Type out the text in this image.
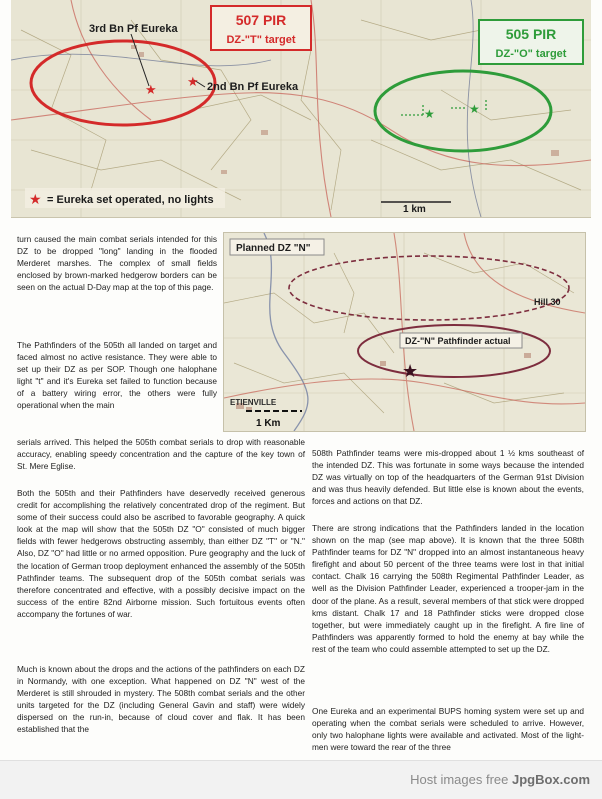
★
★
3rd Bn Pf Eureka
2nd Bn Pf Eureka
507 PIR
DZ-"T" target	505 PIR
DZ-"O" target
★	★
★ = Eureka set operated, no lights
1 km
Planned DZ "N"
DZ-"N" Pathfinder actual
★
Hill 30
ETIENVILLE
1 Km

turn caused the main combat serials intended for this DZ to be dropped "long" landing in the flooded Merderet marshes. The complex of small fields enclosed by brown-marked hedgerow borders can be seen on the actual D-Day map at the top of this page.

The Pathfinders of the 505th all landed on target and faced almost no active resistance. They were able to set up their DZ as per SOP. Though one halophane light "t" and it's Eureka set failed to function because of a battery wiring error, the others were fully operational when the main

serials arrived. This helped the 505th combat serials to drop with reasonable accuracy, enabling speedy concentration and the capture of the key town of St. Mere Eglise.

Both the 505th and their Pathfinders have deservedly received generous credit for accomplishing the relatively concentrated drop of the regiment. But some of their success could also be ascribed to favorable geography. A quick look at the map will show that the 505th DZ "O" consisted of much bigger fields with fewer hedgerows obstructing assembly, than either DZ "T" or "N." Also, DZ "O" had little or no armed opposition. Pure geography and the luck of the location of German troop deployment enhanced the assembly of the 505th Pathfinder teams. The subsequent drop of the 505th combat serials was therefore concentrated and effective, with a possibly decisive impact on the success of the entire 82nd Airborne mission. Such fortuitous events often accompany the fortunes of war.

Much is known about the drops and the actions of the pathfinders on each DZ in Normandy, with one exception. What happened on DZ "N" west of the Merderet is still shrouded in mystery. The 508th combat serials and the other units targeted for the DZ (including General Gavin and staff) were widely dispersed on the run-in, because of cloud cover and flak. It has been established that the

508th Pathfinder teams were mis-dropped about 1 ½ kms southeast of the intended DZ. This was fortunate in some ways because the intended DZ was virtually on top of the headquarters of the German 91st Division and was thus heavily defended. But little else is known about the events, forces and actions on that DZ.

There are strong indications that the Pathfinders landed in the location shown on the map (see map above). It is known that the three 508th Pathfinder teams for DZ "N" dropped into an almost instantaneous heavy firefight and about 50 percent of the three teams were lost in that initial contact. Chalk 16 carrying the 508th Regimental Pathfinder Leader, as well as the Division Pathfinder Leader, experienced a trooper-jam in the door of the plane. As a result, several members of that stick were dropped kms distant. Chalk 17 and 18 Pathfinder sticks were dropped close together, but were immediately caught up in the firefight. A fire line of Pathfinders was apparently formed to hold the enemy at bay while the rest of the team who could assemble attempted to set up the DZ.

One Eureka and an experimental BUPS homing system were set up and operating when the combat serials were scheduled to arrive. However, only two halophane lights were available and activated. Most of the light-men were toward the rear of the three

Host images free JpgBox.com
